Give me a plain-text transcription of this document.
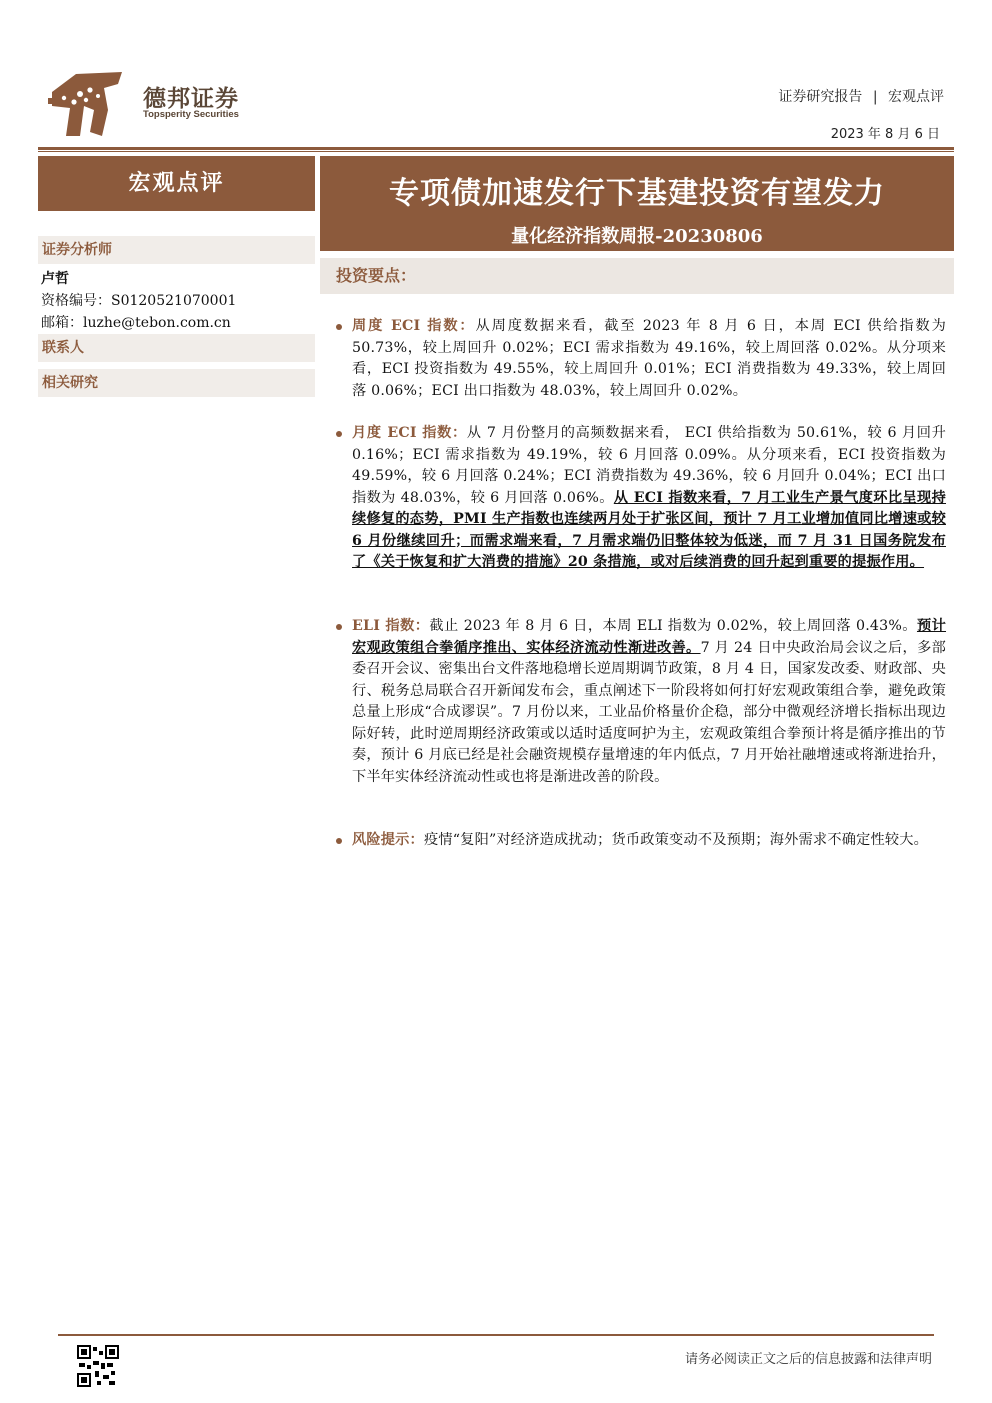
德邦证券
Topsperity Securities
证券研究报告 | 宏观点评
2023 年 8 月 6 日
宏观点评
证券分析师
卢哲
资格编号：S0120521070001
邮箱：luzhe@tebon.com.cn
联系人
相关研究
专项债加速发行下基建投资有望发力
量化经济指数周报-20230806
投资要点：

周度 ECI 指数：从周度数据来看，截至 2023 年 8 月 6 日，本周 ECI 供给指数为 50.73%，较上周回升 0.02%；ECI 需求指数为 49.16%，较上周回落 0.02%。从分项来看，ECI 投资指数为 49.55%，较上周回升 0.01%；ECI 消费指数为 49.33%，较上周回落 0.06%；ECI 出口指数为 48.03%，较上周回升 0.02%。

月度 ECI 指数：从 7 月份整月的高频数据来看， ECI 供给指数为 50.61%，较 6 月回升 0.16%；ECI 需求指数为 49.19%，较 6 月回落 0.09%。从分项来看，ECI 投资指数为 49.59%，较 6 月回落 0.24%；ECI 消费指数为 49.36%，较 6 月回升 0.04%；ECI 出口指数为 48.03%，较 6 月回落 0.06%。从 ECI 指数来看，7 月工业生产景气度环比呈现持续修复的态势，PMI 生产指数也连续两月处于扩张区间，预计 7 月工业增加值同比增速或较 6 月份继续回升；而需求端来看，7 月需求端仍旧整体较为低迷，而 7 月 31 日国务院发布了《关于恢复和扩大消费的措施》20 条措施，或对后续消费的回升起到重要的提振作用。

ELI 指数：截止 2023 年 8 月 6 日，本周 ELI 指数为 0.02%，较上周回落 0.43%。预计宏观政策组合拳循序推出、实体经济流动性渐进改善。7 月 24 日中央政治局会议之后，多部委召开会议、密集出台文件落地稳增长逆周期调节政策，8 月 4 日，国家发改委、财政部、央行、税务总局联合召开新闻发布会，重点阐述下一阶段将如何打好宏观政策组合拳，避免政策总量上形成“合成谬误”。7 月份以来，工业品价格量价企稳，部分中微观经济增长指标出现边际好转，此时逆周期经济政策或以适时适度呵护为主，宏观政策组合拳预计将是循序推出的节奏，预计 6 月底已经是社会融资规模存量增速的年内低点，7 月开始社融增速或将渐进抬升，下半年实体经济流动性或也将是渐进改善的阶段。

风险提示：疫情“复阳”对经济造成扰动；货币政策变动不及预期；海外需求不确定性较大。

请务必阅读正文之后的信息披露和法律声明
